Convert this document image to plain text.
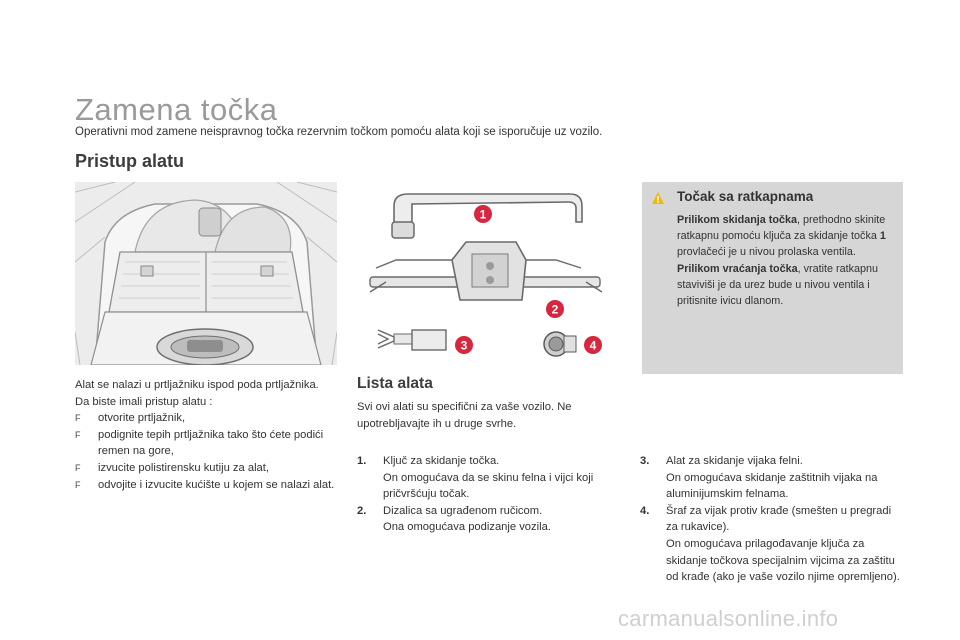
Zamena točka
Operativni mod zamene neispravnog točka rezervnim točkom pomoću alata koji se isporučuje uz vozilo.
Pristup alatu
Alat se nalazi u prtljažniku ispod poda prtljažnika.
Da biste imali pristup alatu :
F	otvorite prtljažnik,
F	podignite tepih prtljažnika tako što ćete podići remen na gore,
F	izvucite polistirensku kutiju za alat,
F	odvojite i izvucite kućište u kojem se nalazi alat.
1
2
3	4
Lista alata
Svi ovi alati su specifični za vaše vozilo. Ne upotrebljavajte ih u druge svrhe.
1.	Ključ za skidanje točka.
On omogućava da se skinu felna i vijci koji pričvršćuju točak.
2.	Dizalica sa ugrađenom ručicom.
Ona omogućava podizanje vozila.
3.	Alat za skidanje vijaka felni.
On omogućava skidanje zaštitnih vijaka na aluminijumskim felnama.
4.	Šraf za vijak protiv krađe (smešten u pregradi za rukavice).
On omogućava prilagođavanje ključa za skidanje točkova specijalnim vijcima za zaštitu od krađe (ako je vaše vozilo njime opremljeno).
Točak sa ratkapnama
Prilikom skidanja točka, prethodno skinite ratkapnu pomoću ključa za skidanje točka 1 provlačeći je u nivou prolaska ventila.
Prilikom vraćanja točka, vratite ratkapnu staviviši je da urez bude u nivou ventila i pritisnite ivicu dlanom.
carmanualsonline.info
